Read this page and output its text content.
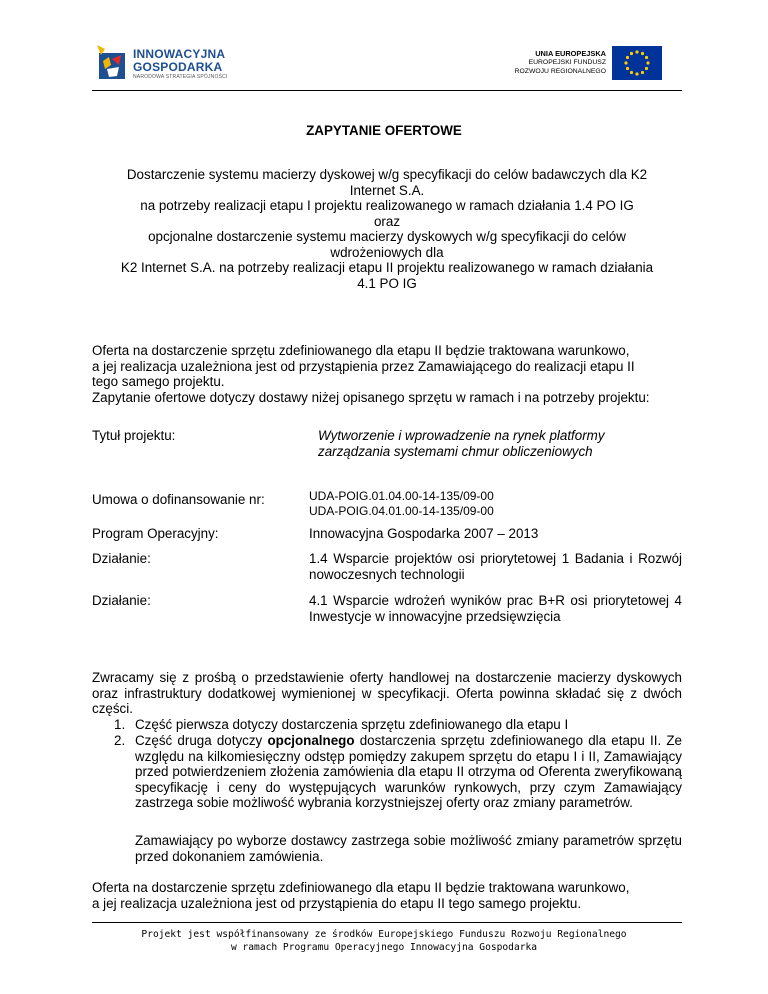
INNOWACYJNA
GOSPODARKA
NARODOWA STRATEGIA SPÓJNOŚCI
UNIA EUROPEJSKA
EUROPEJSKI FUNDUSZ
ROZWOJU REGIONALNEGO
ZAPYTANIE OFERTOWE
Dostarczenie systemu macierzy dyskowej w/g specyfikacji do celów badawczych dla K2
Internet S.A.
na potrzeby realizacji etapu I projektu realizowanego w ramach działania 1.4 PO IG
oraz
opcjonalne dostarczenie systemu macierzy dyskowych w/g specyfikacji do celów
wdrożeniowych dla
K2 Internet S.A. na potrzeby realizacji etapu II projektu realizowanego w ramach działania
4.1 PO IG
Oferta na dostarczenie sprzętu zdefiniowanego dla etapu II będzie traktowana warunkowo,
a jej realizacja uzależniona jest od przystąpienia przez Zamawiającego do realizacji etapu II
tego samego projektu.
Zapytanie ofertowe dotyczy dostawy niżej opisanego sprzętu w ramach i na potrzeby projektu:
Tytuł projektu:	Wytworzenie i wprowadzenie na rynek platformy
zarządzania systemami chmur obliczeniowych
Umowa o dofinansowanie nr:	UDA-POIG.01.04.00-14-135/09-00
UDA-POIG.04.01.00-14-135/09-00
Program Operacyjny:	Innowacyjna Gospodarka 2007 – 2013
Działanie:	1.4 Wsparcie projektów osi priorytetowej 1 Badania i Rozwój nowoczesnych technologii
Działanie:	4.1 Wsparcie wdrożeń wyników prac B+R osi priorytetowej 4 Inwestycje w innowacyjne przedsięwzięcia
Zwracamy się z prośbą o przedstawienie oferty handlowej na dostarczenie macierzy dyskowych oraz infrastruktury dodatkowej wymienionej w specyfikacji. Oferta powinna składać się z dwóch części.
1. Część pierwsza dotyczy dostarczenia sprzętu zdefiniowanego dla etapu I
2. Część druga dotyczy opcjonalnego dostarczenia sprzętu zdefiniowanego dla etapu II. Ze względu na kilkomiesięczny odstęp pomiędzy zakupem sprzętu do etapu I i II, Zamawiający przed potwierdzeniem złożenia zamówienia dla etapu II otrzyma od Oferenta zweryfikowaną specyfikację i ceny do występujących warunków rynkowych, przy czym Zamawiający zastrzega sobie możliwość wybrania korzystniejszej oferty oraz zmiany parametrów.
Zamawiający po wyborze dostawcy zastrzega sobie możliwość zmiany parametrów sprzętu przed dokonaniem zamówienia.
Oferta na dostarczenie sprzętu zdefiniowanego dla etapu II będzie traktowana warunkowo,
a jej realizacja uzależniona jest od przystąpienia do etapu II tego samego projektu.
Projekt jest współfinansowany ze środków Europejskiego Funduszu Rozwoju Regionalnego
w ramach Programu Operacyjnego Innowacyjna Gospodarka
